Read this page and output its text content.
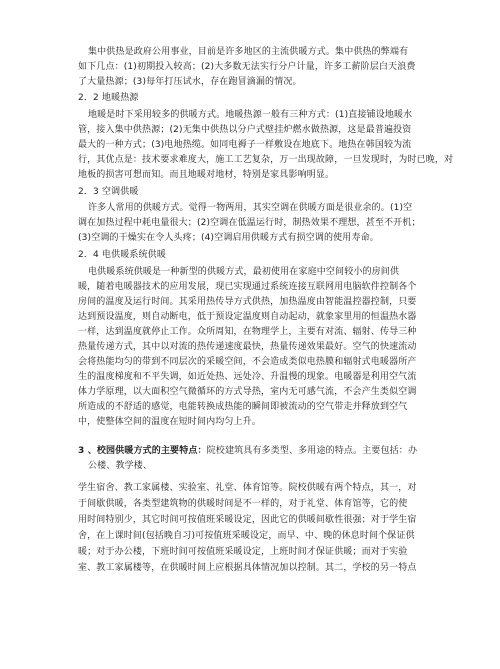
集中供热是政府公用事业，目前是许多地区的主流供暖方式。集中供热的弊端有
如下几点：(1)初期投入较高；(2)大多数无法实行分户计量，许多工薪阶层白天浪费
了大量热源；(3)每年打压试水，存在跑冒滴漏的情况。
2．2 地暖热源
地暖是时下采用较多的供暖方式。地暖热源一般有三种方式：(1)直接铺设地暖水
管，接入集中供热源；(2)无集中供热以分户式壁挂炉燃水做热源，这是最普遍投资
最大的一种方式；(3)电地热缆。如同电褥子一样敷设在地底下。地热在韩国较为流
行，其优点是：技术要求难度大，施工工艺复杂，万一出现故障，一旦发现时，为时已晚，对
地板的损害可想而知。而且地暖对地材，特别是家具影响明显。
2．3 空调供暖
许多人常用的供暖方式。觉得一物两用，其实空调在供暖方面是很业余的。(1)空
调在加热过程中耗电量很大；(2)空调在低温运行时，制热效果不理想，甚至不开机；
(3)空调的干燥实在令人头疼；(4)空调启用供暖方式有损空调的使用寿命。
2．4 电供暖系统供暖
电供暖系统供暖是一种新型的供暖方式，最初使用在家庭中空间较小的房间供
暖，随着电暖器技术的应用发展，现已实现通过系统连接互联网用电脑软件控制各个
房间的温度及运行时间。其采用热传导方式供热，加热温度由智能温控器控制，只要
达到预设温度，则自动断电，低于预设定温度则自动起动，就象家里用的恒温热水器
一样，达到温度就停止工作。众所周知，在物理学上，主要有对流、辐射、传导三种
热量传递方式，其中以对流的热传递速度最快，热量传递效果最好。空气的快速流动
会将热能均匀的带到不同层次的采暖空间，不会造成类似电热膜和辐射式电暖器所产
生的温度梯度和不平失调，如近处热、远处冷、升温慢的现象。电暖器是利用空气流
体力学原理，以大面积空气微循环的方式导热，室内无可感气流，不会产生类似空调
所造成的不舒适的感觉，电能转换成热能的瞬间即被流动的空气带走并释放到空气
中，使整体空间的温度在短时间内均匀上升。
3 、校园供暖方式的主要特点：院校建筑具有多类型、多用途的特点。主要包括：办
公楼、教学楼、
学生宿舍、教工家属楼、实验室、礼堂、体育馆等。院校供暖有两个特点，其一，对
于间歇供暖，各类型建筑物的供暖时间是不一样的，对于礼堂、体育馆等，它的使
用时间特别少，其它时间可按值班采暖设定，因此它的供暖间歇性很强；对于学生宿
舍，在上课时间(包括晚自习)可按值班采暖设定，而早、中、晚的休息时间个保证供
暖；对于办公楼，下班时间可按值班采暖设定，上班时间才保证供暖；而对于实验
室、教工家属楼等，在供暖时间上应根据具体情况加以控制。其二，学校的另一特点
